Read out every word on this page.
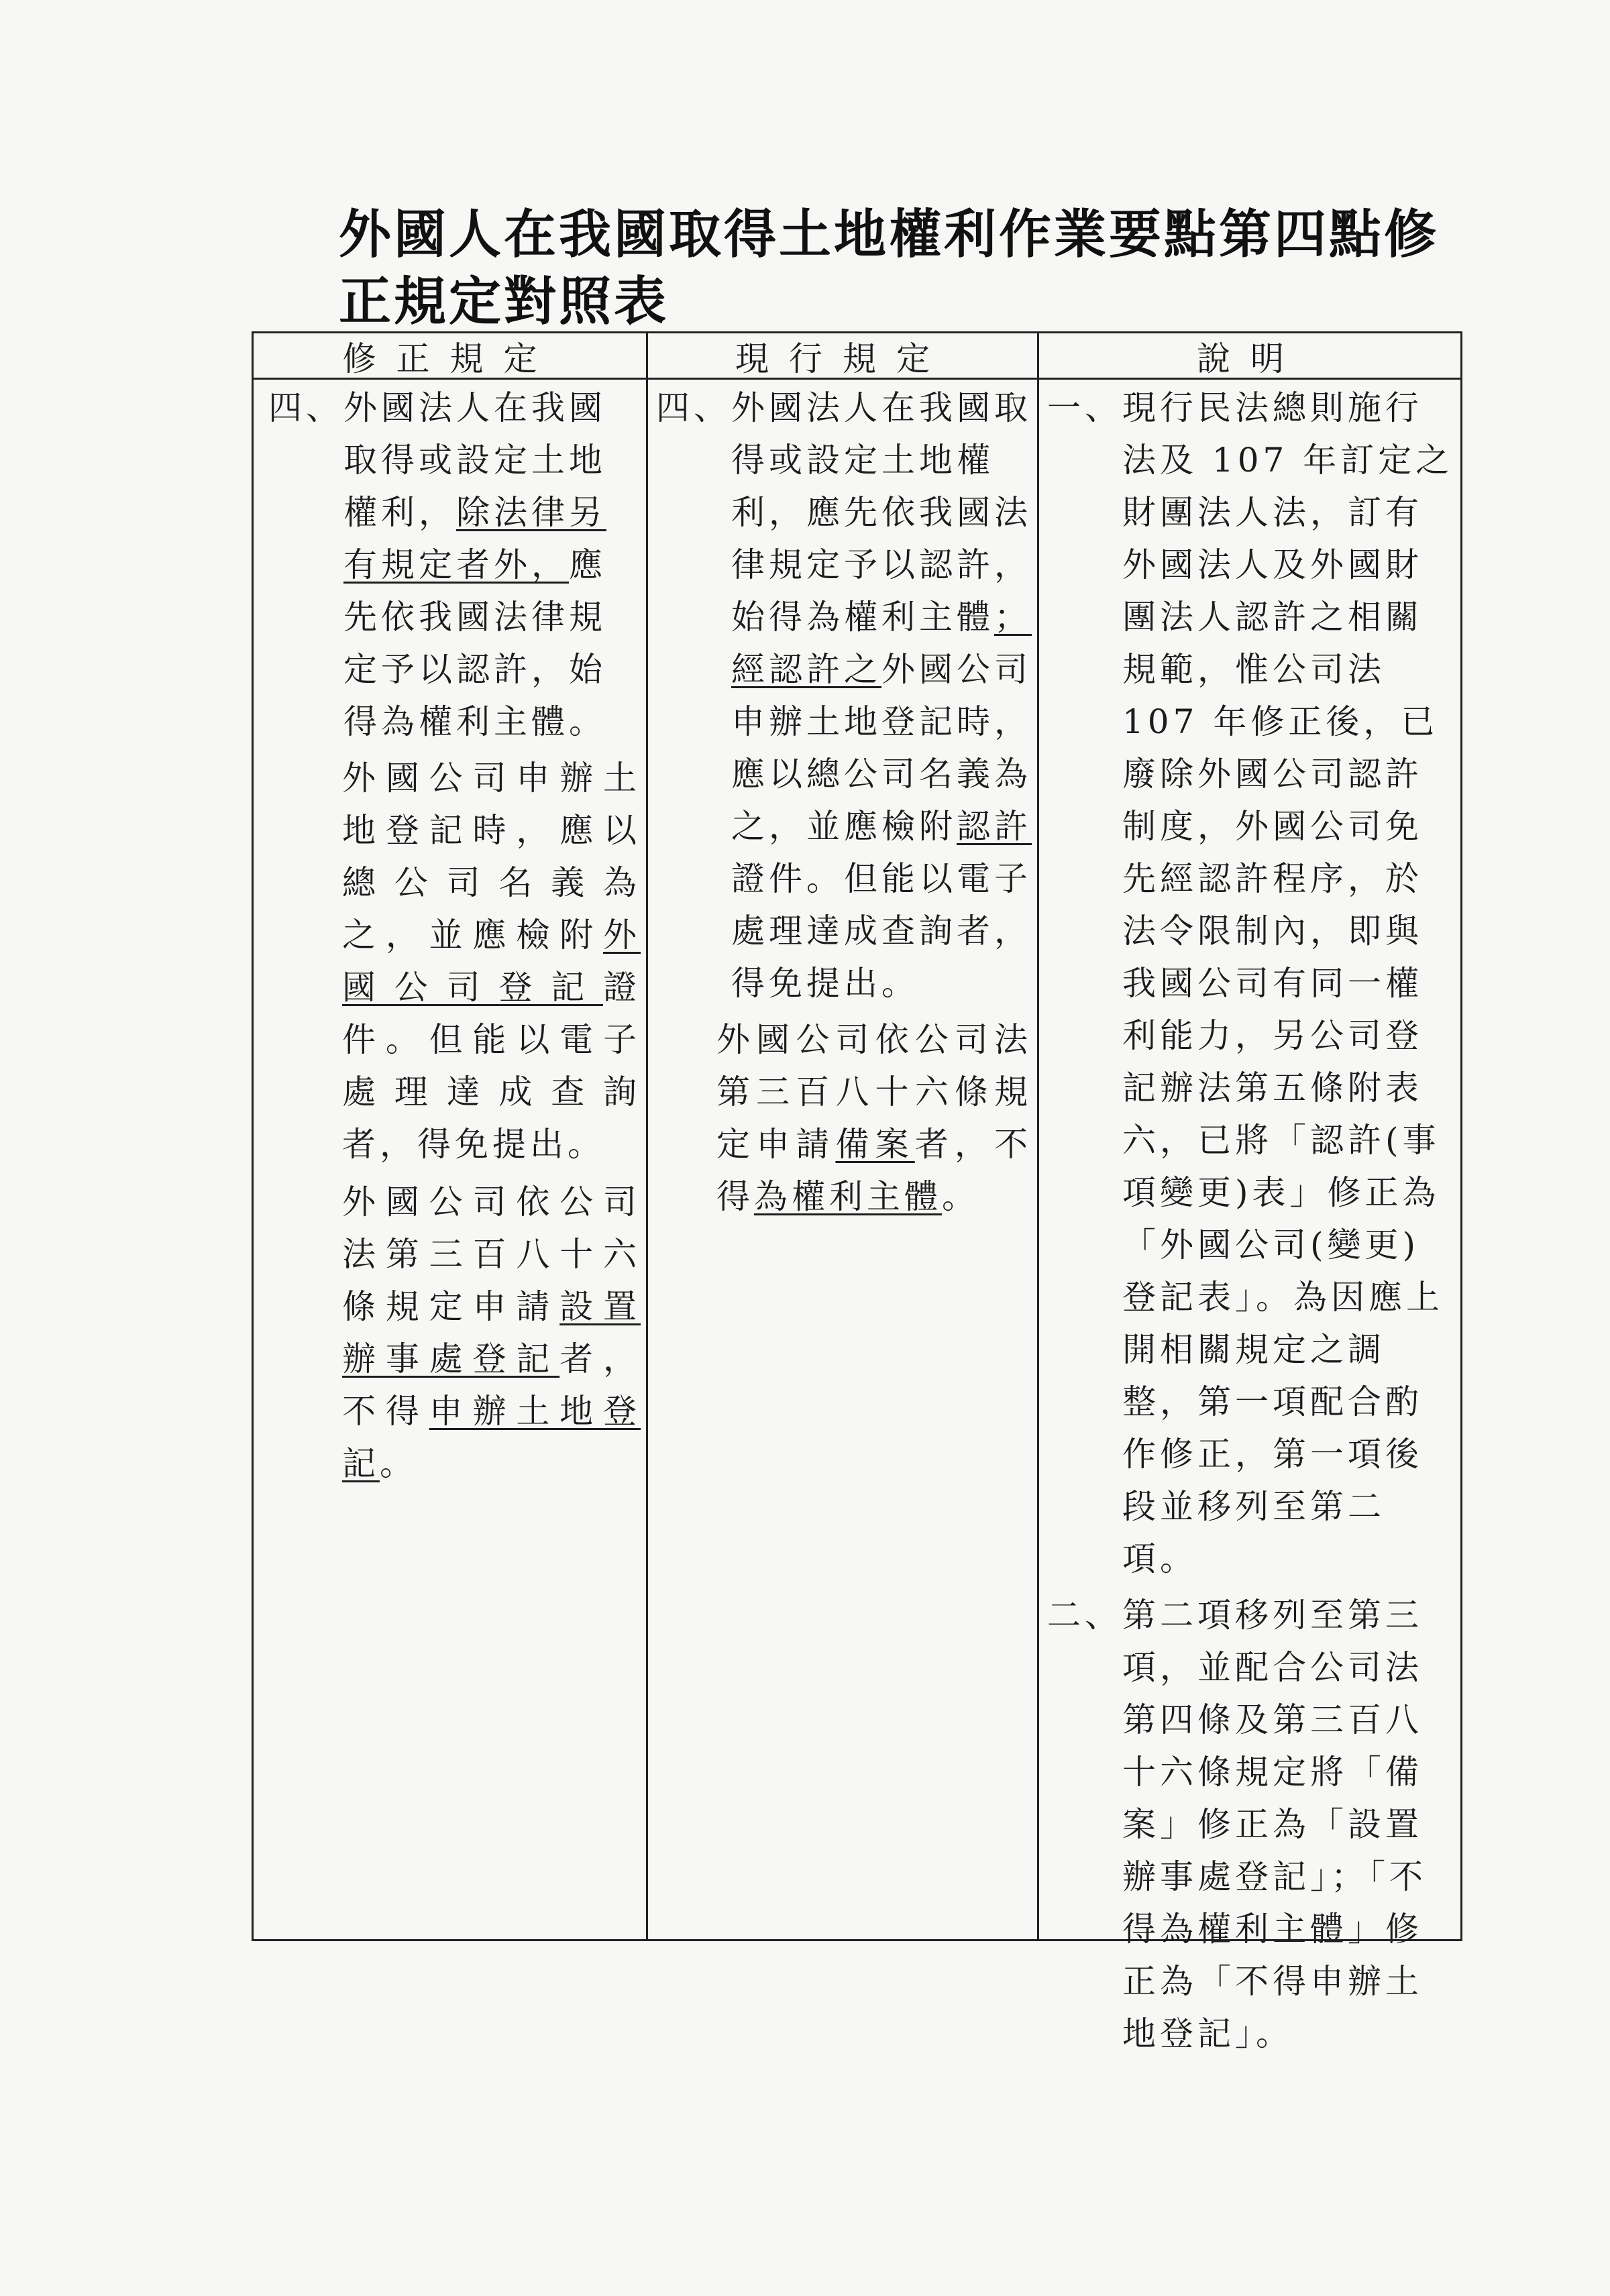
外國人在我國取得土地權利作業要點第四點修正規定對照表
修正規定	現行規定	說明
四、 外國法人在我國取得或設定土地權利，除法律另有規定者外，應先依我國法律規定予以認許，始得為權利主體。

外國公司申辦土地登記時，應以總公司名義為之，並應檢附外國公司登記證件。但能以電子處理達成查詢者，得免提出。

外國公司依公司法第三百八十六條規定申請設置辦事處登記者，不得申辦土地登記。

四、 外國法人在我國取得或設定土地權利，應先依我國法律規定予以認許，始得為權利主體；經認許之外國公司申辦土地登記時，應以總公司名義為之，並應檢附認許證件。但能以電子處理達成查詢者，得免提出。

外國公司依公司法第三百八十六條規定申請備案者，不得為權利主體。

一、 現行民法總則施行法及 107 年訂定之財團法人法，訂有外國法人及外國財團法人認許之相關規範，惟公司法 107 年修正後，已廢除外國公司認許制度，外國公司免先經認許程序，於法令限制內，即與我國公司有同一權利能力，另公司登記辦法第五條附表六，已將「認許(事項變更)表」修正為「外國公司(變更)登記表」。為因應上開相關規定之調整，第一項配合酌作修正，第一項後段並移列至第二項。
二、 第二項移列至第三項，並配合公司法第四條及第三百八十六條規定將「備案」修正為「設置辦事處登記」；「不得為權利主體」修正為「不得申辦土地登記」。
